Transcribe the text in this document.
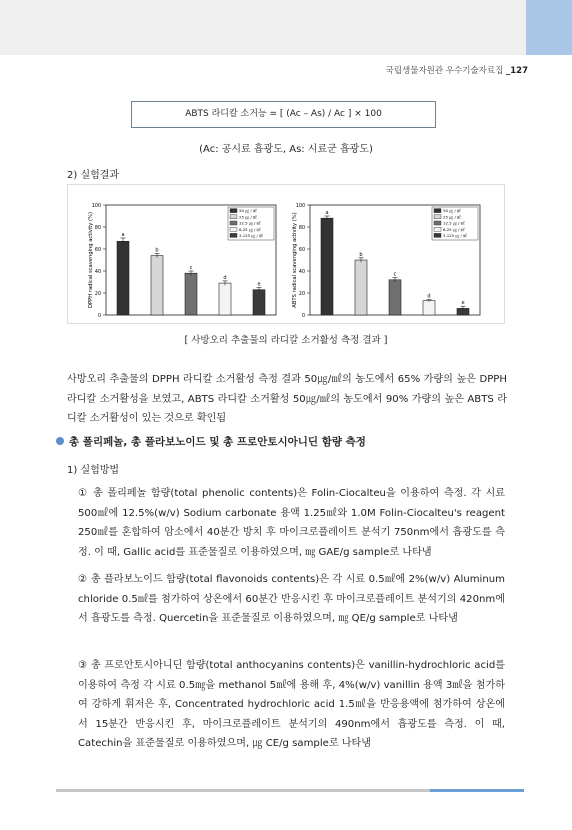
국립생물자원관 우수기술자료집 _127
ABTS 라디칼 소거능 = [ (Ac – As) / Ac ] × 100
(Ac: 공시료 흡광도, As: 시료군 흡광도)
2) 실험결과
0
20
40
60
80
100
DPPH radical scavenging activity (%)	a
b
c
d
e
50 ㎍ / ㎖
25 ㎍ / ㎖
12.5 ㎍ / ㎖
6.25 ㎍ / ㎖
3.125 ㎍ / ㎖
0
20
40
60
80
100
ABTS radical scavenging activity (%)	a
b
c
d
e
50 ㎍ / ㎖
25 ㎍ / ㎖
12.5 ㎍ / ㎖
6.25 ㎍ / ㎖
3.125 ㎍ / ㎖
[ 사방오리 추출물의 라디칼 소거활성 측정 결과 ]
사방오리 추출물의 DPPH 라디칼 소거활성 측정 결과 50㎍/㎖의 농도에서 65% 가량의 높은 DPPH 라디칼 소거활성을 보였고, ABTS 라디칼 소거활성 50㎍/㎖의 농도에서 90% 가량의 높은 ABTS 라디칼 소거활성이 있는 것으로 확인됨
총 폴리페놀, 총 플라보노이드 및 총 프로안토시아니딘 함량 측정
1) 실험방법
① 총 폴리페놀 함량(total phenolic contents)은 Folin-Ciocalteu을 이용하여 측정. 각 시료 500㎖에 12.5%(w/v) Sodium carbonate 용액 1.25㎖와 1.0M Folin-Ciocalteu's reagent 250㎖를 혼합하여 암소에서 40분간 방치 후 마이크로플레이트 분석기 750nm에서 흡광도를 측정. 이 때, Gallic acid를 표준물질로 이용하였으며, ㎎ GAE/g sample로 나타냄
② 총 플라보노이드 함량(total flavonoids contents)은 각 시료 0.5㎖에 2%(w/v) Aluminum chloride 0.5㎖를 첨가하여 상온에서 60분간 반응시킨 후 마이크로플레이트 분석기의 420nm에서 흡광도를 측정. Quercetin을 표준물질로 이용하였으며, ㎎ QE/g sample로 나타냄
③ 총 프로안토시아니딘 함량(total anthocyanins contents)은 vanillin-hydrochloric acid를 이용하여 측정 각 시료 0.5㎎을 methanol 5㎖에 용해 후, 4%(w/v) vanillin 용액 3㎖을 첨가하여 강하게 휘저은 후, Concentrated hydrochloric acid 1.5㎖을 반응용액에 첨가하여 상온에서 15분간 반응시킨 후, 마이크로플레이트 분석기의 490nm에서 흡광도를 측정. 이 때, Catechin을 표준물질로 이용하였으며, ㎍ CE/g sample로 나타냄
